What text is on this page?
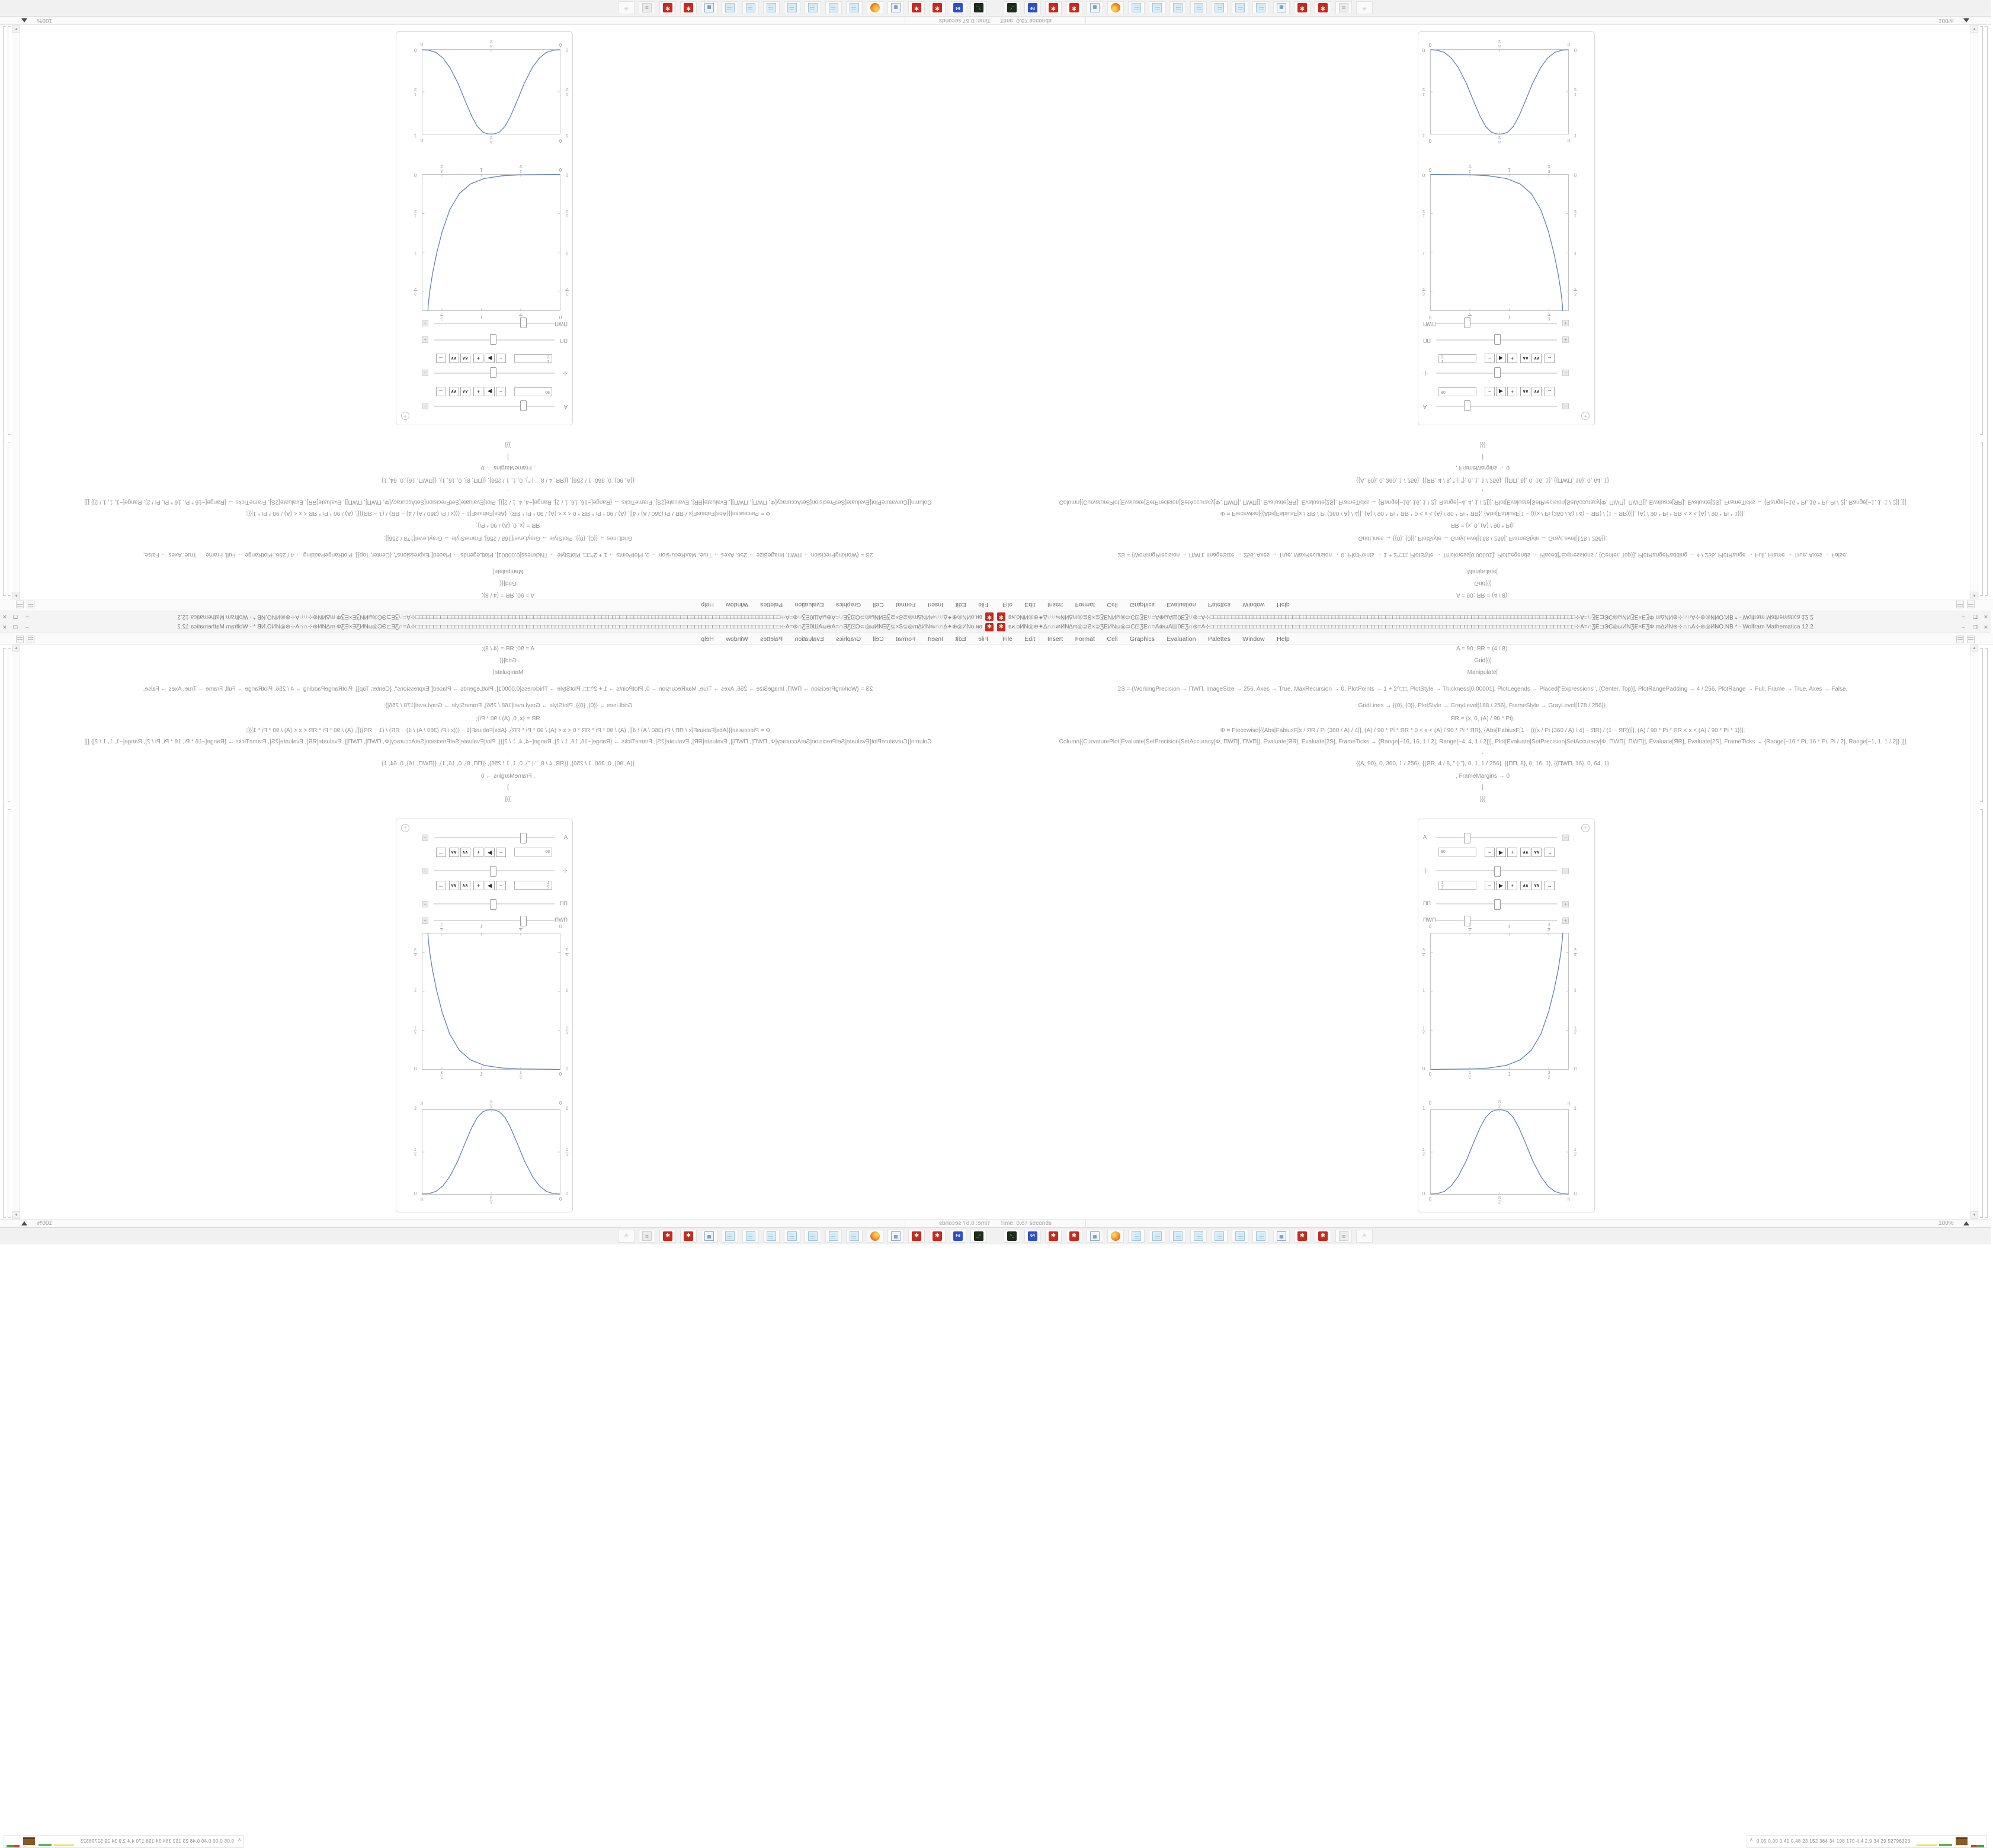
✱ ви.оИN◎⊕✦∆∩∩⇌ИN∆m◎⊇Ƨ×⊇ƷЕИNы◎⊃С⊡ƷЕ∩=А⊕ыАШ0ЕƷ∩⊛=А⊹□□□□□□□□□□□□□□□□□□□□□□□□□□□□□□□□□□□□□□□□□□□□□□□□□□□□□□□□□□□□□□□□□□□□□□□□□□□□□□□□□□□□□□□□□□□□□□□□□□□□□□⊹А=∩ƷЕ⊐ЭС◎ыИNƷЕ×ЕƷΦ m∆ИN⊛⊹∩∩А⊹⊛◎ИNО.NB * - Wolfram Mathematica 12.2	–	❐	✕
File Edit Insert Format Cell Graphics Evaluation Palettes Window Help
▲
▼
A = 90; ЯR = (4 / 8);
Grid[{{
Manipulate[
2S = {WorkingPrecision → ΠWΠ, ImageSize → 256, Axes → True, MaxRecursion → 0, PlotPoints → 1 + 2^□□, PlotStyle → Thickness[0.00001], PlotLegends → Placed["Expressions", {Center, Top}], PlotRangePadding → 4 / 256, PlotRange → Full, Frame → True, Axes → False,
GridLines → {{0}, {0}}, PlotStyle → GrayLevel[168 / 256], FrameStyle → GrayLevel[178 / 256]};
ЯR = {x, 0, (A) / 90 * Pi};
Φ = Piecewise[{{Abs[FabiusF[x / ЯR / Pi (360 / A) / 4]], (A) / 90 * Pi * ЯR * 0 < x < (A) / 90 * Pi * ЯR}, {Abs[FabiusF[1 − (((x / Pi (360 / A) / 4) − ЯR) / (1 − ЯR))]], (A) / 90 * Pi * ЯR < x < (A) / 90 * Pi * 1}}];
Column[{CurvaturePlot[Evaluate[SetPrecision[SetAccuracy[Φ, ΠWΠ], ΠWΠ]], Evaluate[ЯR], Evaluate[2S], FrameTicks → {Range[−16, 16, 1 / 2], Range[−4, 4, 1 / 2]}], Plot[Evaluate[SetPrecision[SetAccuracy[Φ, ΠWΠ], ΠWΠ]], Evaluate[ЯR], Evaluate[2S], FrameTicks → {Range[−16 * Pi, 16 * Pi, Pi / 2], Range[−1, 1, 1 / 2]} ]]]
,
{{A, 90}, 0, 360, 1 / 256}, {{ЯR, 4 / 8, "·|·"}, 0, 1, 1 / 256}, {{ΠΠ, 8}, 0, 16, 1}, {{ΠWΠ, 16}, 0, 64, 1}
, FrameMargins → 0
]
}}]
+
A	−
90	−	▶	+	∧∧	∨∨	→
·|·	−
$\frac{1}{2}$	−	▶	+	∧∧	∨∨	→
ΠΠ	+
ΠWΠ	+
0
0
$\frac{1}{2}$
$\frac{1}{2}$
1
1
$\frac{3}{2}$
$\frac{3}{2}$
0	0
$\frac{1}{2}$	$\frac{1}{2}$
1	1
$\frac{3}{2}$	$\frac{3}{2}$
0
0
$\frac{\pi}{2}$
$\frac{\pi}{2}$
π
π
0	0
$\frac{1}{2}$	$\frac{1}{2}$
1	1
Time: 0.67 seconds	100%
>_	64	✱	✱	▦	▦	✱	✱	≣	✳
∧ 0.05 0.00 0.40 0.48 23 152 364 34 198 170 4.4 2.9 34 29 52796323
···· ◇
✱
ви.оИN◎⊕✦∆∩∩⇌ИN∆m◎⊇Ƨ×⊇ƷЕИNы◎⊃С⊡ƷЕ∩=А⊕ыАШ0ЕƷ∩⊛=А⊹□□□□□□□□□□□□□□□□□□□□□□□□□□□□□□□□□□□□□□□□□□□□□□□□□□□□□□□□□□□□□□□□□□□□□□□□□□□□□□□□□□□□□□□□□□□□□□□□□□□□□□⊹А=∩ƷЕ⊐ЭС◎ыИNƷЕ×ЕƷΦ m∆ИN⊛⊹∩∩А⊹⊛◎ИNО.NB * - Wolfram Mathematica 12.2
–
❐
✕
File Edit Insert Format Cell Graphics Evaluation Palettes Window Help
▲
▼
A = 90; ЯR = (4 / 8);
Grid[{{
Manipulate[
2S = {WorkingPrecision → ΠWΠ, ImageSize → 256, Axes → True, MaxRecursion → 0, PlotPoints → 1 + 2^□□, PlotStyle → Thickness[0.00001], PlotLegends → Placed["Expressions", {Center, Top}], PlotRangePadding → 4 / 256, PlotRange → Full, Frame → True, Axes → False,
GridLines → {{0}, {0}}, PlotStyle → GrayLevel[168 / 256], FrameStyle → GrayLevel[178 / 256]};
ЯR = {x, 0, (A) / 90 * Pi};
Φ = Piecewise[{{Abs[FabiusF[x / ЯR / Pi (360 / A) / 4]], (A) / 90 * Pi * ЯR * 0 < x < (A) / 90 * Pi * ЯR}, {Abs[FabiusF[1 − (((x / Pi (360 / A) / 4) − ЯR) / (1 − ЯR))]], (A) / 90 * Pi * ЯR < x < (A) / 90 * Pi * 1}}];
Column[{CurvaturePlot[Evaluate[SetPrecision[SetAccuracy[Φ, ΠWΠ], ΠWΠ]], Evaluate[ЯR], Evaluate[2S], FrameTicks → {Range[−16, 16, 1 / 2], Range[−4, 4, 1 / 2]}], Plot[Evaluate[SetPrecision[SetAccuracy[Φ, ΠWΠ], ΠWΠ]], Evaluate[ЯR], Evaluate[2S], FrameTicks → {Range[−16 * Pi, 16 * Pi, Pi / 2], Range[−1, 1, 1 / 2]} ]]]
,
{{A, 90}, 0, 360, 1 / 256}, {{ЯR, 4 / 8, "·|·"}, 0, 1, 1 / 256}, {{ΠΠ, 8}, 0, 16, 1}, {{ΠWΠ, 16}, 0, 64, 1}
, FrameMargins → 0
]
}}]
+
A
−
90
−
▶
+
∧∧
∨∨
→
·|·
−
$\frac{1}{2}$
−
▶
+
∧∧
∨∨
→
ΠΠ
+
ΠWΠ
+
0
0
$\frac{1}{2}$
$\frac{1}{2}$
1
1
$\frac{3}{2}$
$\frac{3}{2}$
0
0
$\frac{1}{2}$
$\frac{1}{2}$
1
1
$\frac{3}{2}$
$\frac{3}{2}$
0
0
$\frac{\pi}{2}$
$\frac{\pi}{2}$
π
π
0
0
$\frac{1}{2}$
$\frac{1}{2}$
1
1
Time: 0.67 seconds
100%
>_
64
✱
✱
▦
▦
✱
✱
≣
✳
∧
0.05 0.00 0.40 0.48 23 152 364 34 198 170 4.4 2.9 34 29 52796323
···· ◇
✱ ви.оИN◎⊕✦∆∩∩⇌ИN∆m◎⊇Ƨ×⊇ƷЕИNы◎⊃С⊡ƷЕ∩=А⊕ыАШ0ЕƷ∩⊛=А⊹□□□□□□□□□□□□□□□□□□□□□□□□□□□□□□□□□□□□□□□□□□□□□□□□□□□□□□□□□□□□□□□□□□□□□□□□□□□□□□□□□□□□□□□□□□□□□□□□□□□□□□⊹А=∩ƷЕ⊐ЭС◎ыИNƷЕ×ЕƷΦ m∆ИN⊛⊹∩∩А⊹⊛◎ИNО.NB * - Wolfram Mathematica 12.2	–	❐	✕
File Edit Insert Format Cell Graphics Evaluation Palettes Window Help
▲
▼
A = 90; ЯR = (4 / 8);
Grid[{{
Manipulate[
2S = {WorkingPrecision → ΠWΠ, ImageSize → 256, Axes → True, MaxRecursion → 0, PlotPoints → 1 + 2^□□, PlotStyle → Thickness[0.00001], PlotLegends → Placed["Expressions", {Center, Top}], PlotRangePadding → 4 / 256, PlotRange → Full, Frame → True, Axes → False,
GridLines → {{0}, {0}}, PlotStyle → GrayLevel[168 / 256], FrameStyle → GrayLevel[178 / 256]};
ЯR = {x, 0, (A) / 90 * Pi};
Φ = Piecewise[{{Abs[FabiusF[x / ЯR / Pi (360 / A) / 4]], (A) / 90 * Pi * ЯR * 0 < x < (A) / 90 * Pi * ЯR}, {Abs[FabiusF[1 − (((x / Pi (360 / A) / 4) − ЯR) / (1 − ЯR))]], (A) / 90 * Pi * ЯR < x < (A) / 90 * Pi * 1}}];
Column[{CurvaturePlot[Evaluate[SetPrecision[SetAccuracy[Φ, ΠWΠ], ΠWΠ]], Evaluate[ЯR], Evaluate[2S], FrameTicks → {Range[−16, 16, 1 / 2], Range[−4, 4, 1 / 2]}], Plot[Evaluate[SetPrecision[SetAccuracy[Φ, ΠWΠ], ΠWΠ]], Evaluate[ЯR], Evaluate[2S], FrameTicks → {Range[−16 * Pi, 16 * Pi, Pi / 2], Range[−1, 1, 1 / 2]} ]]]
,
{{A, 90}, 0, 360, 1 / 256}, {{ЯR, 4 / 8, "·|·"}, 0, 1, 1 / 256}, {{ΠΠ, 8}, 0, 16, 1}, {{ΠWΠ, 16}, 0, 64, 1}
, FrameMargins → 0
]
}}]
+
A	−
90	−	▶	+	∧∧	∨∨	→
·|·	−
1
2	−	▶	+	∧∧	∨∨	→
ΠΠ	+
ΠWΠ	+
0
0
1
2
1
2
1
1
3
2
3
2
0	0
1
2
1
2
1	1
3
2
3
2
0
0
π
2
π
2
π
π
0	0
1
2
1
2
1	1
Time: 0.67 seconds	100%
>_	64	✱	✱	▦	▦	✱	✱	≣	✳
✱
ви.оИN◎⊕✦∆∩∩⇌ИN∆m◎⊇Ƨ×⊇ƷЕИNы◎⊃С⊡ƷЕ∩=А⊕ыАШ0ЕƷ∩⊛=А⊹□□□□□□□□□□□□□□□□□□□□□□□□□□□□□□□□□□□□□□□□□□□□□□□□□□□□□□□□□□□□□□□□□□□□□□□□□□□□□□□□□□□□□□□□□□□□□□□□□□□□□□⊹А=∩ƷЕ⊐ЭС◎ыИNƷЕ×ЕƷΦ m∆ИN⊛⊹∩∩А⊹⊛◎ИNО.NB * - Wolfram Mathematica 12.2
–
❐
✕
File Edit Insert Format Cell Graphics Evaluation Palettes Window Help
▲
▼
A = 90; ЯR = (4 / 8);
Grid[{{
Manipulate[
2S = {WorkingPrecision → ΠWΠ, ImageSize → 256, Axes → True, MaxRecursion → 0, PlotPoints → 1 + 2^□□, PlotStyle → Thickness[0.00001], PlotLegends → Placed["Expressions", {Center, Top}], PlotRangePadding → 4 / 256, PlotRange → Full, Frame → True, Axes → False,
GridLines → {{0}, {0}}, PlotStyle → GrayLevel[168 / 256], FrameStyle → GrayLevel[178 / 256]};
ЯR = {x, 0, (A) / 90 * Pi};
Φ = Piecewise[{{Abs[FabiusF[x / ЯR / Pi (360 / A) / 4]], (A) / 90 * Pi * ЯR * 0 < x < (A) / 90 * Pi * ЯR}, {Abs[FabiusF[1 − (((x / Pi (360 / A) / 4) − ЯR) / (1 − ЯR))]], (A) / 90 * Pi * ЯR < x < (A) / 90 * Pi * 1}}];
Column[{CurvaturePlot[Evaluate[SetPrecision[SetAccuracy[Φ, ΠWΠ], ΠWΠ]], Evaluate[ЯR], Evaluate[2S], FrameTicks → {Range[−16, 16, 1 / 2], Range[−4, 4, 1 / 2]}], Plot[Evaluate[SetPrecision[SetAccuracy[Φ, ΠWΠ], ΠWΠ]], Evaluate[ЯR], Evaluate[2S], FrameTicks → {Range[−16 * Pi, 16 * Pi, Pi / 2], Range[−1, 1, 1 / 2]} ]]]
,
{{A, 90}, 0, 360, 1 / 256}, {{ЯR, 4 / 8, "·|·"}, 0, 1, 1 / 256}, {{ΠΠ, 8}, 0, 16, 1}, {{ΠWΠ, 16}, 0, 64, 1}
, FrameMargins → 0
]
}}]
+
A
−
90
−
▶
+
∧∧
∨∨
→
·|·
−
1
2
−
▶
+
∧∧
∨∨
→
ΠΠ
+
ΠWΠ
+
0
0
1
2
1
2
1
1
3
2
3
2
0
0
1
2
1
2
1
1
3
2
3
2
0
0
π
2
π
2
π
π
0
0
1
2
1
2
1
1
Time: 0.67 seconds
100%
>_
64
✱
✱
▦
▦
✱
✱
≣
✳
